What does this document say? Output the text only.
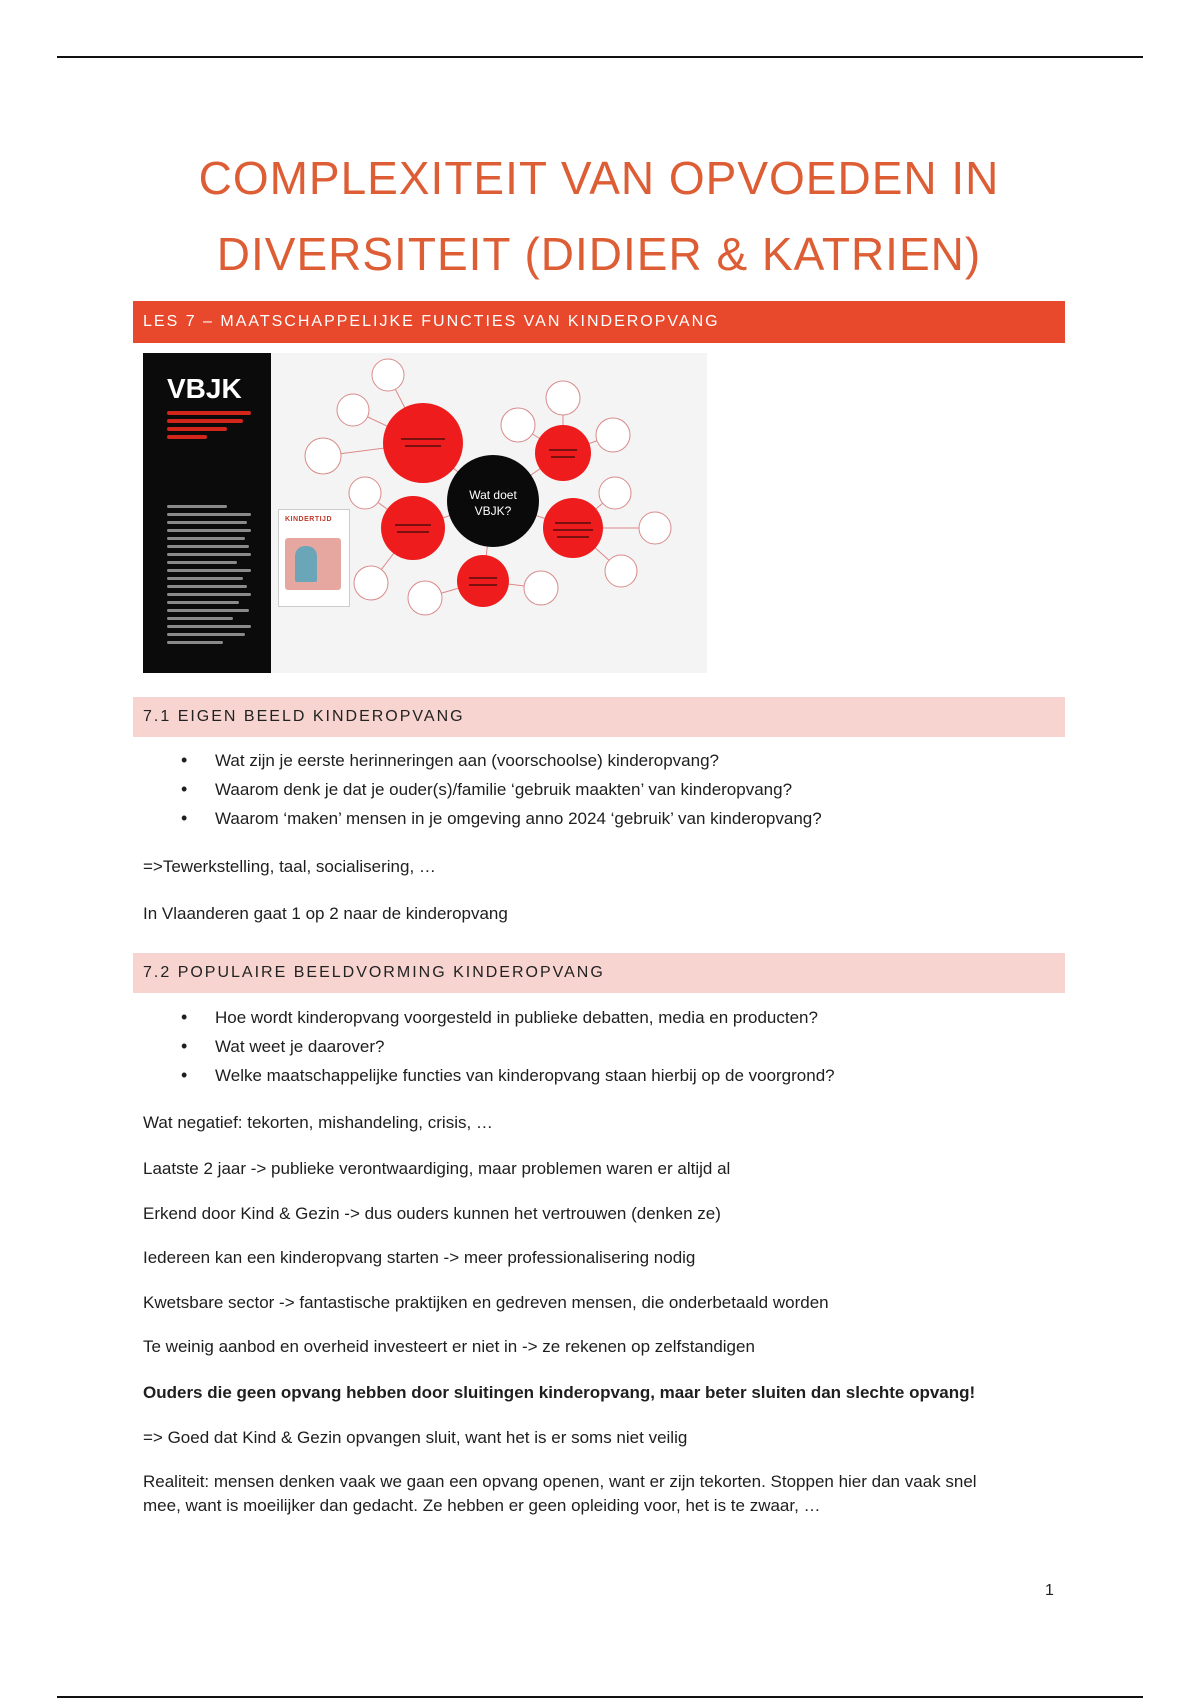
COMPLEXITEIT VAN OPVOEDEN IN
DIVERSITEIT (DIDIER & KATRIEN)
LES 7 – MAATSCHAPPELIJKE FUNCTIES VAN KINDEROPVANG
VBJK
KINDERTIJD
Wat doet
VBJK?
7.1 EIGEN BEELD KINDEROPVANG
• Wat zijn je eerste herinneringen aan (voorschoolse) kinderopvang?
• Waarom denk je dat je ouder(s)/familie ‘gebruik maakten’ van kinderopvang?
• Waarom ‘maken’ mensen in je omgeving anno 2024 ‘gebruik’ van kinderopvang?

=>Tewerkstelling, taal, socialisering, …

In Vlaanderen gaat 1 op 2 naar de kinderopvang

7.2 POPULAIRE BEELDVORMING KINDEROPVANG
• Hoe wordt kinderopvang voorgesteld in publieke debatten, media en producten?
• Wat weet je daarover?
• Welke maatschappelijke functies van kinderopvang staan hierbij op de voorgrond?

Wat negatief: tekorten, mishandeling, crisis, …

Laatste 2 jaar -> publieke verontwaardiging, maar problemen waren er altijd al

Erkend door Kind & Gezin -> dus ouders kunnen het vertrouwen (denken ze)

Iedereen kan een kinderopvang starten -> meer professionalisering nodig

Kwetsbare sector -> fantastische praktijken en gedreven mensen, die onderbetaald worden

Te weinig aanbod en overheid investeert er niet in -> ze rekenen op zelfstandigen

Ouders die geen opvang hebben door sluitingen kinderopvang, maar beter sluiten dan slechte opvang!

=> Goed dat Kind & Gezin opvangen sluit, want het is er soms niet veilig

Realiteit: mensen denken vaak we gaan een opvang openen, want er zijn tekorten. Stoppen hier dan vaak snel
mee, want is moeilijker dan gedacht. Ze hebben er geen opleiding voor, het is te zwaar, …

1
